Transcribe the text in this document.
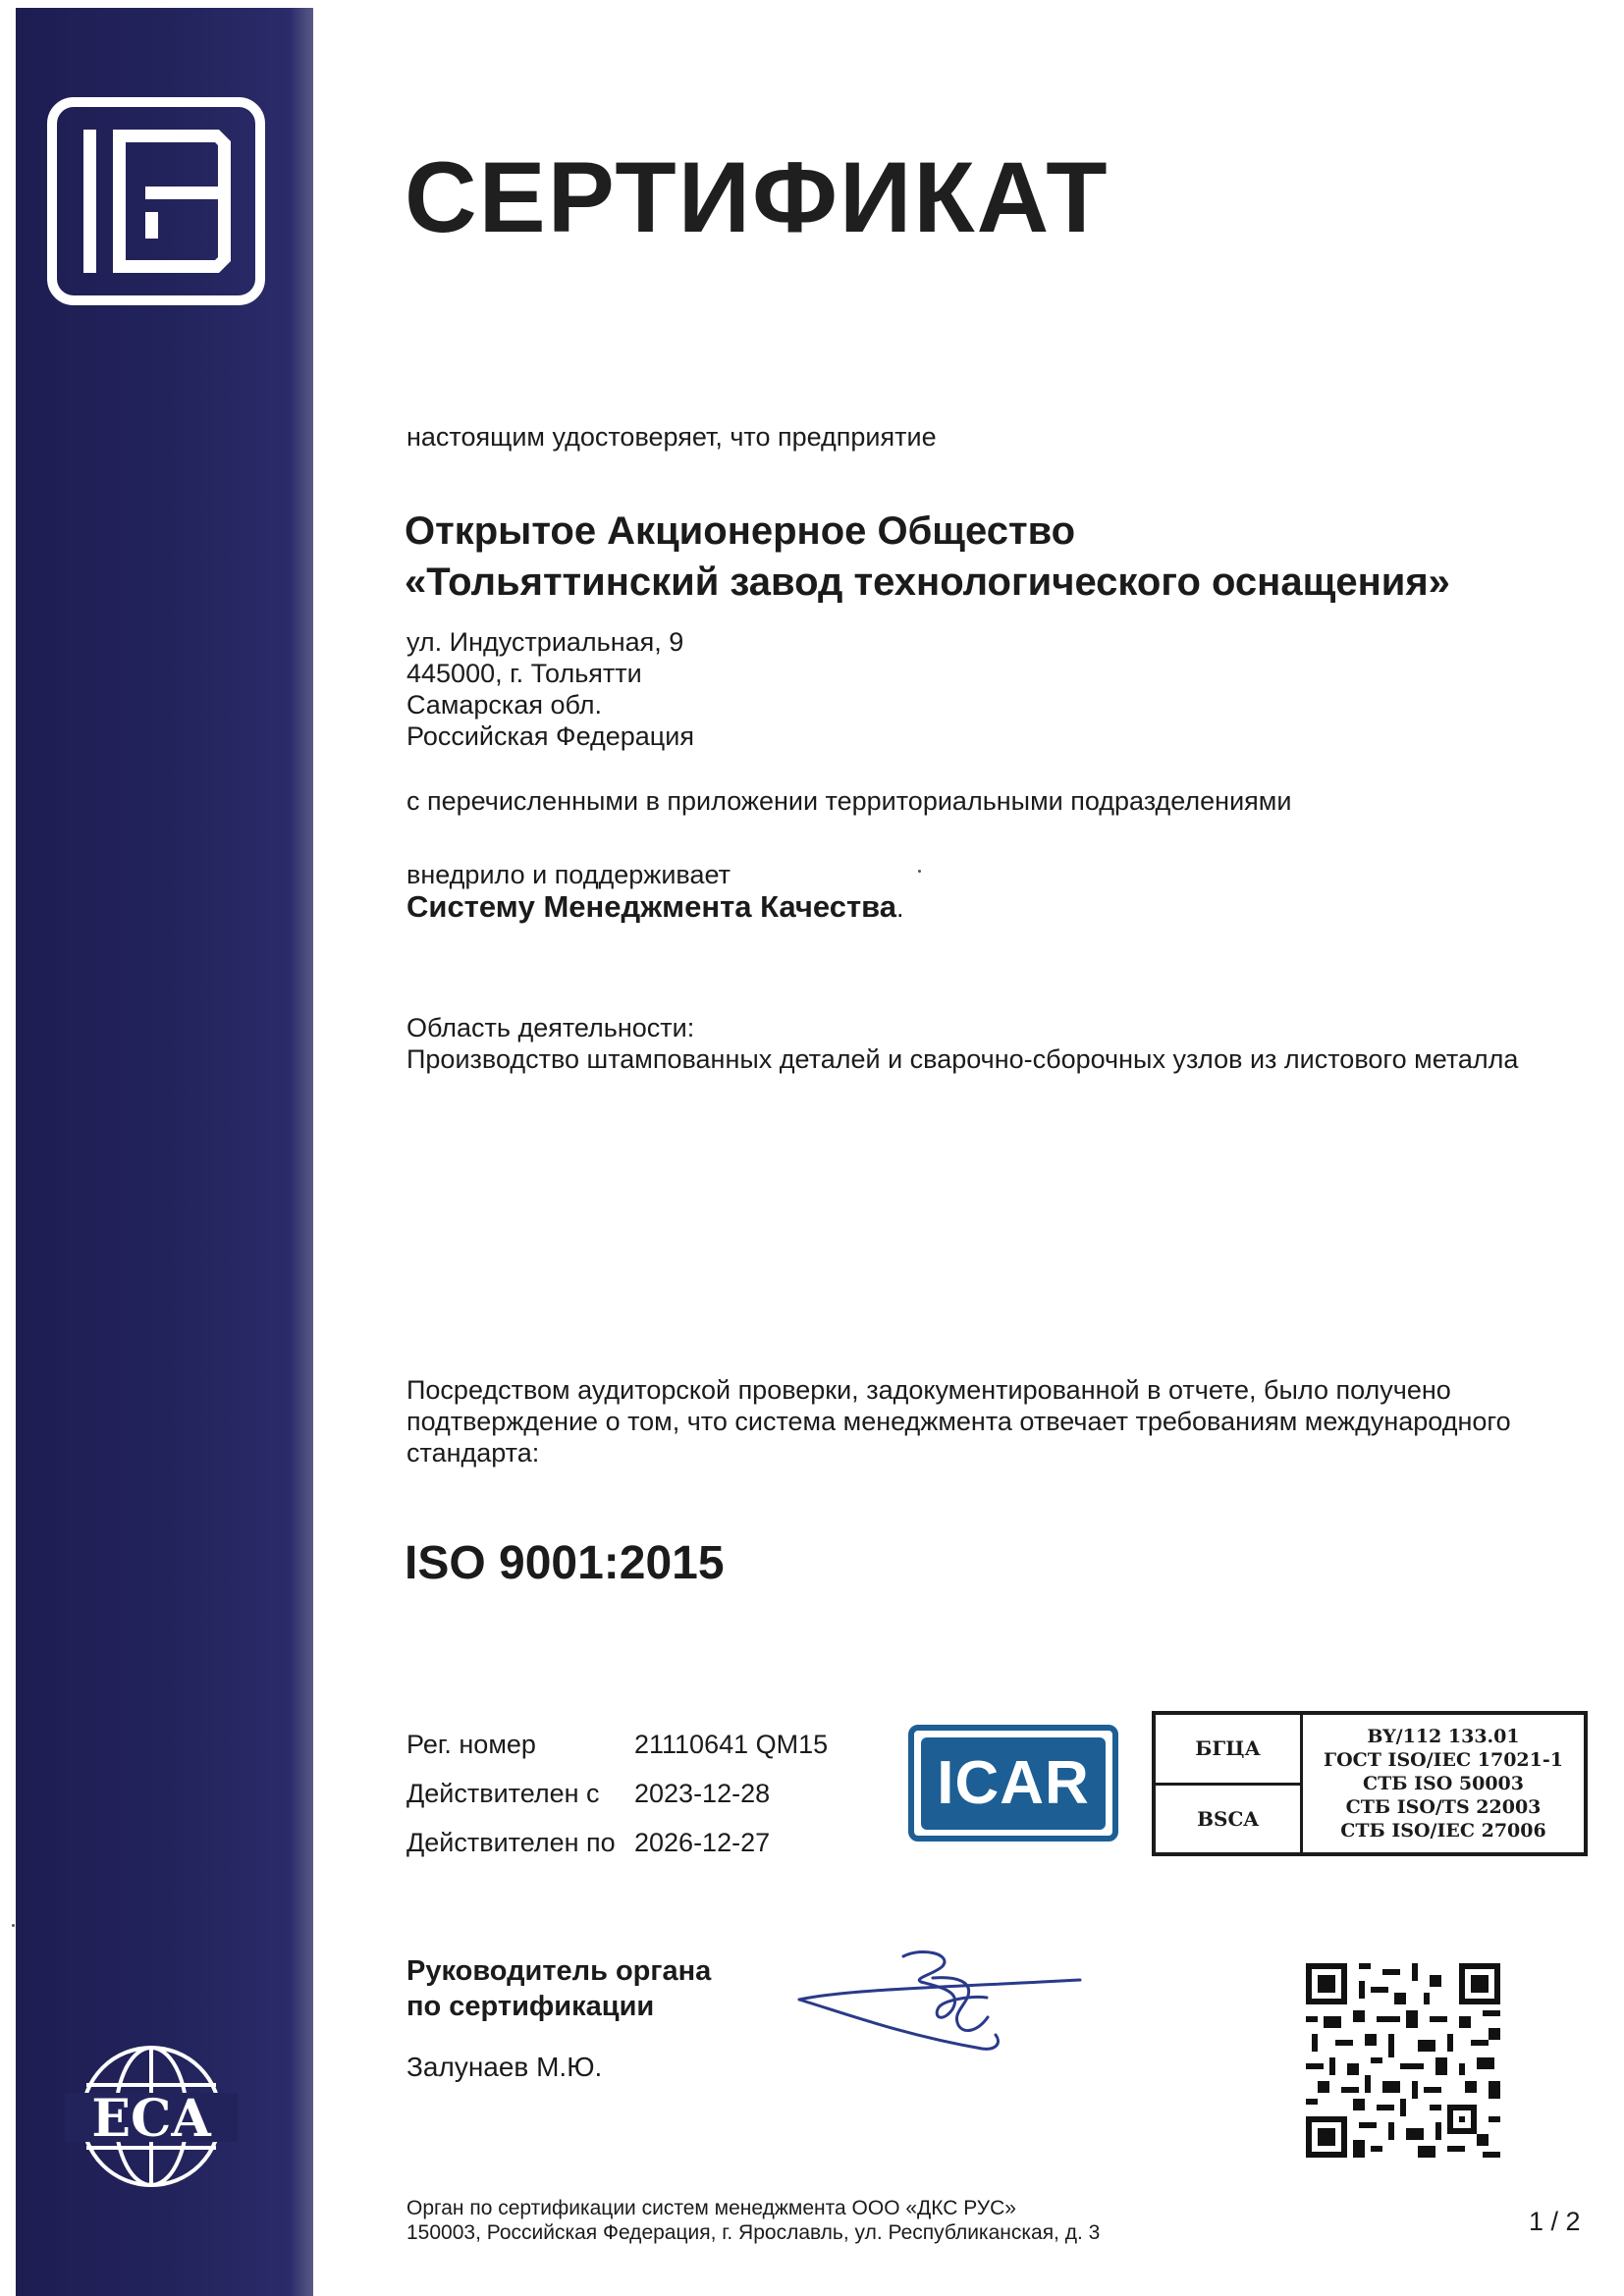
ECA
СЕРТИФИКАТ
настоящим удостоверяет, что предприятие
Открытое Акционерное Общество
«Тольяттинский завод технологического оснащения»
ул. Индустриальная, 9
445000, г. Тольятти
Самарская обл.
Российская Федерация
с перечисленными в приложении территориальными подразделениями
внедрило и поддерживает
Системy Менеджмента Качества.
Область деятельности:
Производство штампованных деталей и сварочно-сборочных узлов из листового металла
Посредством аудиторской проверки, задокументированной в отчете, было получено
подтверждение о том, что система менеджмента отвечает требованиям международного
стандарта:
ISO 9001:2015
Рег. номер	21110641 QM15
Действителен с	2023-12-28
Действителен по 2026-12-27
ICAR
БГЦА
BSCA
BY/112 133.01
ГОСТ ISO/IEC 17021-1
СТБ ISO 50003
СТБ ISO/TS 22003
СТБ ISO/IEC 27006
Руководитель органа
по сертификации
Залунаев М.Ю.
Орган по сертификации систем менеджмента ООО «ДКС РУС»
150003, Российская Федерация, г. Ярославль, ул. Республиканская, д. 3	1 / 2
